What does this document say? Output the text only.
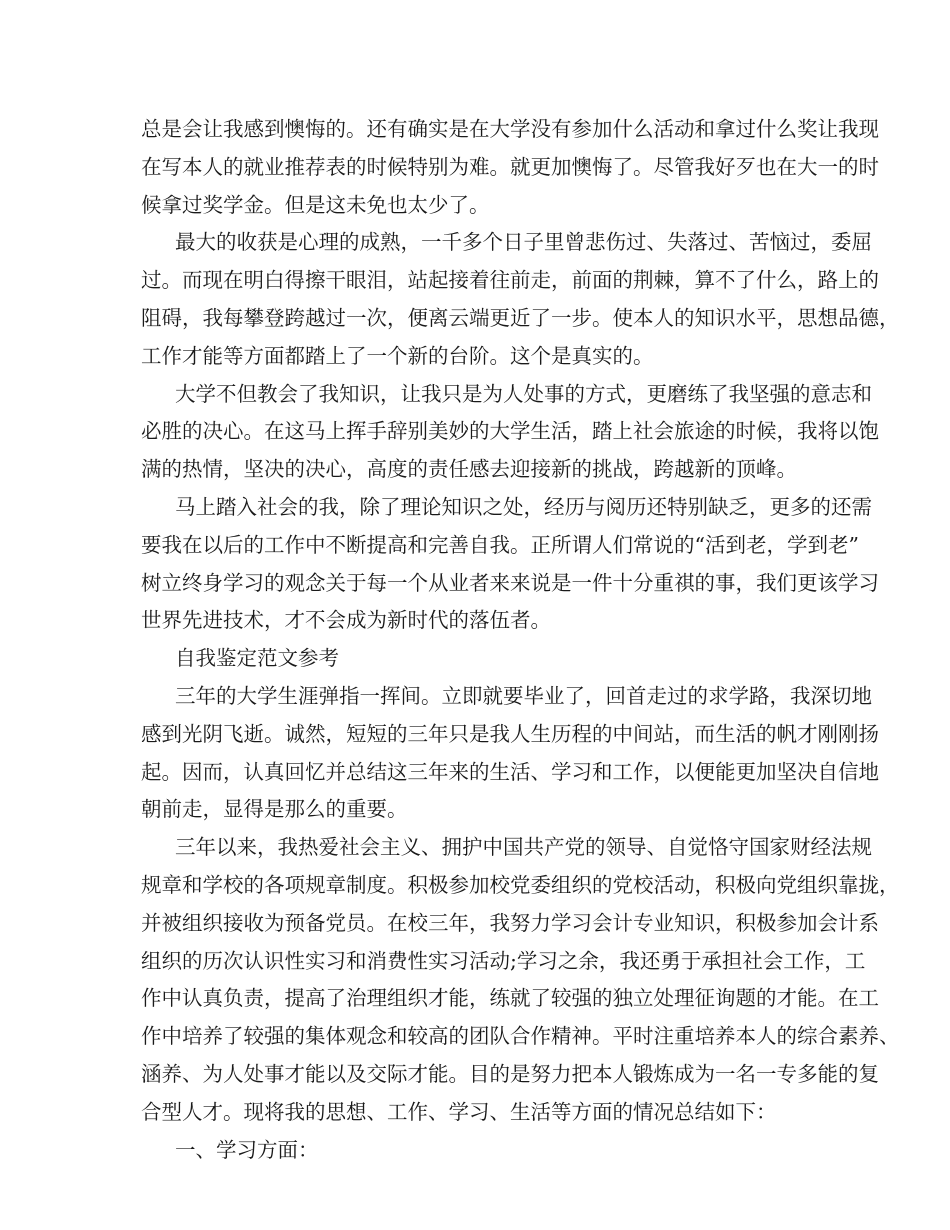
总是会让我感到懊悔的。还有确实是在大学没有参加什么活动和拿过什么奖让我现
在写本人的就业推荐表的时候特别为难。就更加懊悔了。尽管我好歹也在大一的时
候拿过奖学金。但是这未免也太少了。
最大的收获是心理的成熟，一千多个日子里曾悲伤过、失落过、苦恼过，委屈
过。而现在明白得擦干眼泪，站起接着往前走，前面的荆棘，算不了什么，路上的
阻碍，我每攀登跨越过一次，便离云端更近了一步。使本人的知识水平，思想品德，
工作才能等方面都踏上了一个新的台阶。这个是真实的。
大学不但教会了我知识，让我只是为人处事的方式，更磨练了我坚强的意志和
必胜的决心。在这马上挥手辞别美妙的大学生活，踏上社会旅途的时候，我将以饱
满的热情，坚决的决心，高度的责任感去迎接新的挑战，跨越新的顶峰。
马上踏入社会的我，除了理论知识之处，经历与阅历还特别缺乏，更多的还需
要我在以后的工作中不断提高和完善自我。正所谓人们常说的“活到老，学到老”
树立终身学习的观念关于每一个从业者来来说是一件十分重祺的事，我们更该学习
世界先进技术，才不会成为新时代的落伍者。
自我鉴定范文参考
三年的大学生涯弹指一挥间。立即就要毕业了，回首走过的求学路，我深切地
感到光阴飞逝。诚然，短短的三年只是我人生历程的中间站，而生活的帆才刚刚扬
起。因而，认真回忆并总结这三年来的生活、学习和工作，以便能更加坚决自信地
朝前走，显得是那么的重要。
三年以来，我热爱社会主义、拥护中国共产党的领导、自觉恪守国家财经法规
规章和学校的各项规章制度。积极参加校党委组织的党校活动，积极向党组织靠拢，
并被组织接收为预备党员。在校三年，我努力学习会计专业知识，积极参加会计系
组织的历次认识性实习和消费性实习活动;学习之余，我还勇于承担社会工作，工
作中认真负责，提高了治理组织才能，练就了较强的独立处理征询题的才能。在工
作中培养了较强的集体观念和较高的团队合作精神。平时注重培养本人的综合素养、
涵养、为人处事才能以及交际才能。目的是努力把本人锻炼成为一名一专多能的复
合型人才。现将我的思想、工作、学习、生活等方面的情况总结如下：
一、学习方面：
